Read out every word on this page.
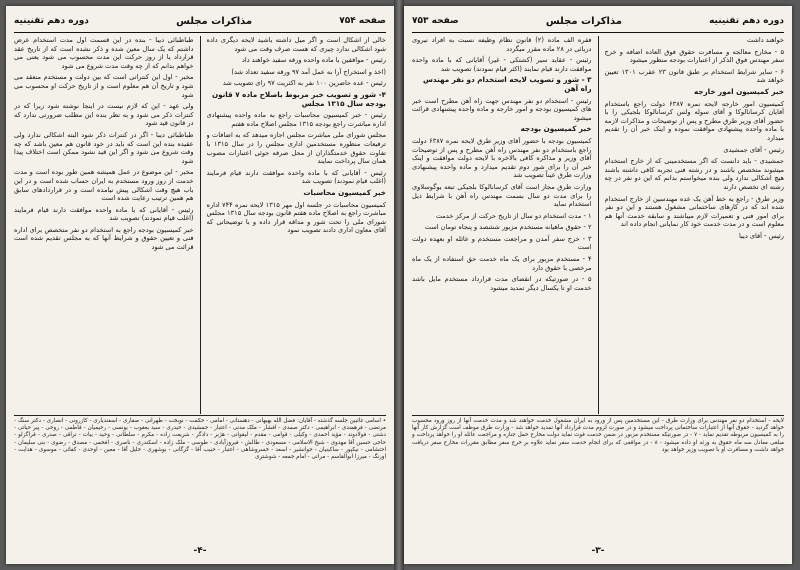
صفحه ۷۵۴
مذاکرات مجلس
دوره دهم تقنینیه

طباطبائی دیبا - بنده در این قسمت اول مدت استخدام عرض داشتم که یک سال معین شده و ذکر نشده است که از تاریخ عقد قرارداد یا از روز حرکت این مدت محسوب می شود یعنی می خواهم بدانم که از چه وقت مدت شروع می شود

مخبر - اول این کنتراتی است که بین دولت و مستخدم منعقد می شود و تاریخ آن هم معلوم است و از تاریخ حرکت او محسوب می شود

ولی عهد - این که لازم نیست در اینجا نوشته شود زیرا که در کنترات ذکر می شود و به نظر بنده این مطلب ضرورتی ندارد که در قانون قید شود

طباطبائی دیبا - اگر در کنترات ذکر شود البته اشکالی ندارد ولی عقیده بنده این است که باید در خود قانون هم معین باشد که چه وقت شروع می شود و اگر این قید نشود ممکن است اختلاف پیدا شود

مخبر - این موضوع در عمل همیشه همین طور بوده است و مدت خدمت از روز ورود مستخدم به ایران حساب شده است و در این باب هیچ وقت اشکالی پیش نیامده است و در قراردادهای سابق هم همین ترتیب رعایت شده است

رئیس - آقایانی که با ماده واحده موافقت دارند قیام فرمایند (اغلب قیام نمودند) تصویب شد

خبر کمیسیون بودجه راجع به استخدام دو نفر متخصص برای اداره فنی و تعیین حقوق و شرایط آنها که به مجلس تقدیم شده است قرائت می شود

خالی از اشکال است و اگر میل داشته باشید لایحه دیگری داده شود اشکالی ندارد چیزی که هست صرف وقت می شود

رئیس - موافقین با ماده واحده ورقه سفید خواهند داد

(اخذ و استخراج آرا به عمل آمد ۹۷ ورقه سفید تعداد شد)

رئیس - عده حاضرین ۱۰۰ نفر به اکثریت ۹۷ رای تصویب شد

۴- شور و تصویب خبر مربوط باصلاح ماده ۷ قانون بودجه سال ۱۳۱۵ مجلس

رئیس - خبر کمیسیون محاسبات راجع به ماده واحده پیشنهادی اداره مباشرت راجع بودجه ۱۳۱۵ مجلس اصلاح ماده هفتم

مجلس شورای ملی مباشرت مجلس اجازه میدهد که به اضافات و ترفیعات منظوره مستخدمین اداری مجلس را در سال ۱۳۱۵ با تفاوت حقوق خدمتگذاران از محل صرفه جوئی اعتبارات مصوب همان سال پرداخت نمایند

رئیس - آقایانی که با ماده واحده موافقت دارند قیام فرمایند (اغلب قیام نمودند) تصویب شد

خبر کمیسیون محاسبات

کمیسیون محاسبات در جلسه اول مهر ۱۳۱۵ لایحه نمره ۷۴۴ اداره مباشرت راجع به اصلاح ماده هفتم قانون بودجه سال ۱۳۱۵ مجلس شورای ملی را تحت شور و مداقه قرار داده و با توضیحاتی که آقای معاون اداری دادند تصویب نمود

• اسامی غائبین جلسه گذشته - آقایان: فضل الله بهبهانی - دهستانی - امامی - حکمت - نوبخت - طهرانی - صفاری - اسفندیاری - کازرونی - انصاری - دکتر سنگ - مرتضی - فرهمندی - ابراهیمی - دکتر صمدی - افشار - ملک مدنی - اعتبار - جمشیدی - حیدری - سید یعقوب - یونسی - رحیمیان - فاطمی - روحی - پیر حیاتی - دشتی - فولادوند - مؤید احمدی - وکیلی - قوامی - مقدم - لیقوانی - هژبر - دادگر - شریعت زاده - مکرم - سلطانی - وحید - بیات - نراقی - صدری - قراگزلو - حاجی حسین آقا مهدوی - شیخ الاسلامی - مسعودی - طالش - فیروزآبادی - طوسی - ملک زاده - اسکندری - ناصری - افخمی - مصدق - رضوی - بنی سلیمان - احتشامی - نیکپور - ساکینیان - جوانشیر - اسعد - خسروشاهی - اعتبار - حبیب آقا - گرگانی - بوشهری - خلیل آقا - معین - اوحدی - کفائی - موسوی - هدایت - اورنگ - میرزا ابوالقاسم - مراتی - امام جمعه - شوشتری

-۴-
دوره دهم تقنینیه
مذاکرات مجلس
صفحه ۷۵۳

فقره الف ماده (۲) قانون نظام وظیفه نسبت به افراد نیروی دریائی در ۲۸ ماده مقرر میگردد

رئیس - عقاید سیر (کشتکی - غیر) آقایانی که با ماده واحده موافقت دارند قیام نمایند (اکثر قیام نمودند) تصویب شد

۳ - شور و تصویب لایحه استخدام دو نفر مهندس راه آهن

رئیس - استخدام دو نفر مهندس جهت راه آهن مطرح است خبر های کمیسیون بودجه و امور خارجه و ماده واحده پیشنهادی قرائت میشود

خبر کمیسیون بودجه

کمیسیون بودجه با حضور آقای وزیر طرق لایحه نمره ۶۳۸۷ دولت راجع باستخدام دو نفر مهندس راه آهن مطرح و پس از توضیحات آقای وزیر و مذاکره کافی بالاخره با لایحه دولت موافقت و اینک خبر آن را برای شور دوم تقدیم میدارد و ماده واحده پیشنهادی وزارت طرق عیناً تصویب شد

وزارت طرق مجاز است آقای کرسانالوکا بلجیکی تبعه یوگوسلاوی را برای مدت دو سال بسمت مهندس راه آهن با شرایط ذیل استخدام نماید

۱ - مدت استخدام دو سال از تاریخ حرکت از مرکز خدمت

۲ - حقوق ماهیانه مستخدم مزبور ششصد و پنجاه تومان است

۳ - خرج سفر آمدن و مراجعت مستخدم و عائله او بعهده دولت است

۴ - مستخدم مزبور برای یک ماه خدمت حق استفاده از یک ماه مرخصی با حقوق دارد

۵ - در صورتیکه در انقضای مدت قرارداد مستخدم مایل باشد خدمت او تا یکسال دیگر تمدید میشود

خواهند داشت

۵ - مخارج معالجه و مسافرت حقوق فوق العاده اضافه و خرج سفر مهندس فوق الذکر از اعتبارات بودجه منظور میشود

۶ - سایر شرایط استخدام بر طبق قانون ۲۳ عقرب ۱۳۰۱ تعیین خواهد شد

خبر کمیسیون امور خارجه

کمیسیون امور خارجه لایحه نمره ۶۳۸۷ دولت راجع باستخدام آقایان کرسانالوکا و آقای سوله ولس کرسانالوکا بلجیکی را با حضور آقای وزیر طرق مطرح و پس از توضیحات و مذاکرات لازمه با ماده واحده پیشنهادی موافقت نموده و اینک خبر آن را تقدیم میدارد

رئیس - آقای جمشیدی

جمشیدی - باید دانست که اگر مستخدمینی که از خارج استخدام میشوند متخصص باشند و در رشته فنی تجربه کافی داشته باشند هیچ اشکالی ندارد ولی بنده میخواستم بدانم که این دو نفر در چه رشته ای تخصص دارند

وزیر طرق - راجع به خط آهن یک عده مهندسین از خارج استخدام شده اند که در کارهای ساختمانی مشغول هستند و این دو نفر برای امور فنی و تعمیرات لازم میباشند و سابقه خدمت آنها هم معلوم است و در مدت خدمت خود کار نمایانی انجام داده اند

رئیس - آقای دیبا

لایحه - استخدام دو نفر مهندس برای وزارت طرق - این مستخدمین پس از ورود به ایران مشغول خدمت خواهند شد و مدت خدمت آنها از روز ورود محسوب خواهد گردید - حقوق آنها از اعتبارات ساختمانی پرداخت میشود و در صورت لزوم مدت قرارداد آنها تمدید خواهد شد - وزارت طرق موظف است گزارش کار آنها را به کمیسیون مربوطه تقدیم نماید - ۷ - در صورتیکه مستخدم مزبور در ضمن خدمت فوت نماید دولت مخارج حمل جنازه و مراجعت عائله او را خواهد پرداخت و مبلغی معادل سه ماه حقوق به ورثه او داده میشود - ۸ - در مواقعی که برای انجام خدمت سفر نماید علاوه بر خرج سفر مطابق مقررات مخارج سفر دریافت خواهد داشت و مسافرت او با تصویب وزیر خواهد بود

-۳-
